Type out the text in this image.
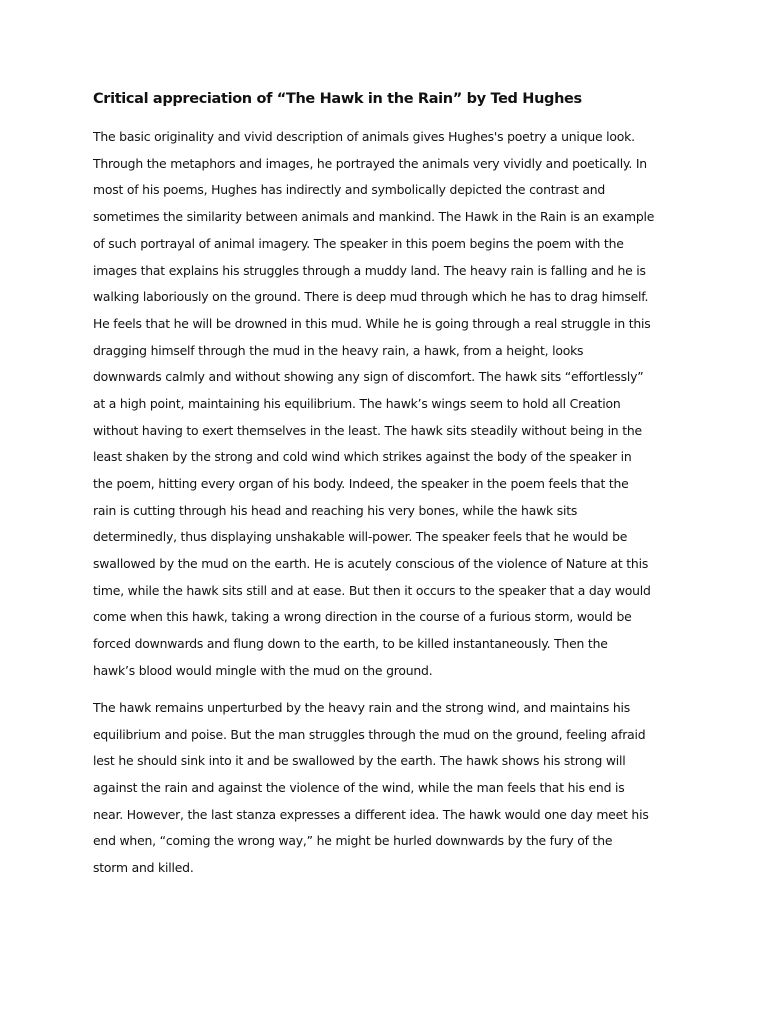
Critical appreciation of “The Hawk in the Rain” by Ted Hughes

The basic originality and vivid description of animals gives Hughes's poetry a unique look.

Through the metaphors and images, he portrayed the animals very vividly and poetically. In

most of his poems, Hughes has indirectly and symbolically depicted the contrast and

sometimes the similarity between animals and mankind. The Hawk in the Rain is an example

of such portrayal of animal imagery. The speaker in this poem begins the poem with the

images that explains his struggles through a muddy land. The heavy rain is falling and he is

walking laboriously on the ground. There is deep mud through which he has to drag himself.

He feels that he will be drowned in this mud. While he is going through a real struggle in this

dragging himself through the mud in the heavy rain, a hawk, from a height, looks

downwards calmly and without showing any sign of discomfort. The hawk sits “effortlessly”

at a high point, maintaining his equilibrium. The hawk’s wings seem to hold all Creation

without having to exert themselves in the least. The hawk sits steadily without being in the

least shaken by the strong and cold wind which strikes against the body of the speaker in

the poem, hitting every organ of his body. Indeed, the speaker in the poem feels that the

rain is cutting through his head and reaching his very bones, while the hawk sits

determinedly, thus displaying unshakable will-power. The speaker feels that he would be

swallowed by the mud on the earth. He is acutely conscious of the violence of Nature at this

time, while the hawk sits still and at ease. But then it occurs to the speaker that a day would

come when this hawk, taking a wrong direction in the course of a furious storm, would be

forced downwards and flung down to the earth, to be killed instantaneously. Then the

hawk’s blood would mingle with the mud on the ground.

The hawk remains unperturbed by the heavy rain and the strong wind, and maintains his

equilibrium and poise. But the man struggles through the mud on the ground, feeling afraid

lest he should sink into it and be swallowed by the earth. The hawk shows his strong will

against the rain and against the violence of the wind, while the man feels that his end is

near. However, the last stanza expresses a different idea. The hawk would one day meet his

end when, “coming the wrong way,” he might be hurled downwards by the fury of the

storm and killed.
